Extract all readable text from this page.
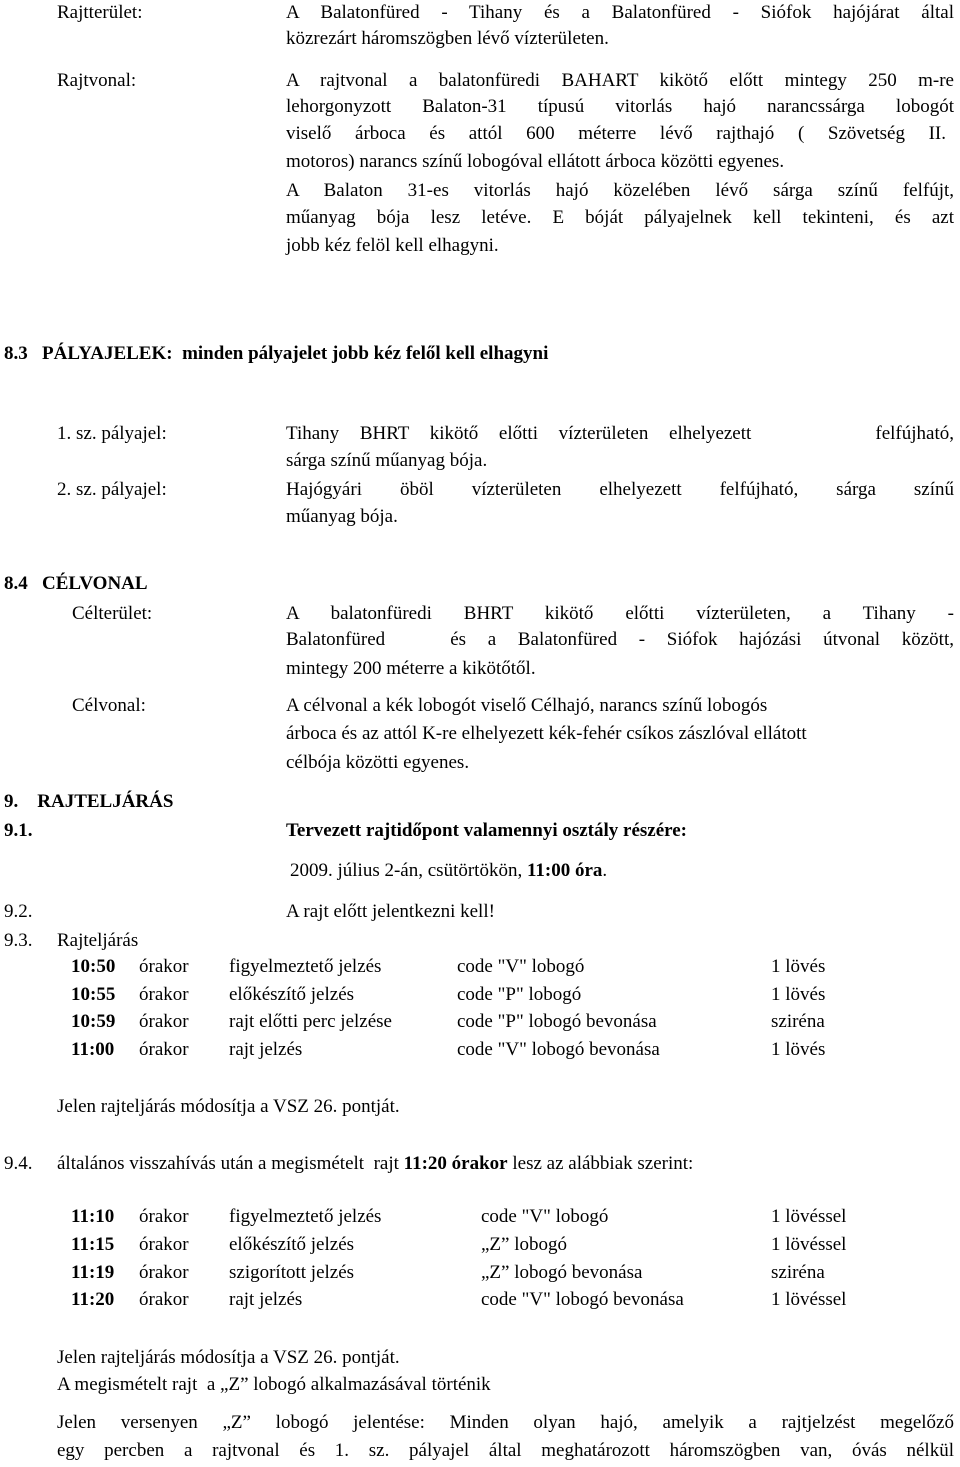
Rajtterület:	A Balatonfüred - Tihany és a Balatonfüred - Siófok hajójárat által
közrezárt háromszögben lévő vízterületen.
Rajtvonal:	A rajtvonal a balatonfüredi BAHART kikötő előtt mintegy 250 m-re
lehorgonyzott Balaton-31 típusú vitorlás hajó narancssárga lobogót
viselő árboca és attól 600 méterre lévő rajthajó ( Szövetség II.
motoros) narancs színű lobogóval ellátott árboca közötti egyenes.
A Balaton 31-es vitorlás hajó közelében lévő sárga színű felfújt,
műanyag bója lesz letéve. E bóját pályajelnek kell tekinteni, és azt
jobb kéz felöl kell elhagyni.
8.3   PÁLYAJELEK:  minden pályajelet jobb kéz felől kell elhagyni
1. sz. pályajel:	Tihany BHRT kikötő előtti vízterületen elhelyezett      felfújható,
sárga színű műanyag bója.
2. sz. pályajel:	Hajógyári öböl vízterületen elhelyezett felfújható, sárga színű
műanyag bója.
8.4   CÉLVONAL
Célterület:	A balatonfüredi BHRT kikötő előtti vízterületen, a Tihany -
Balatonfüred   és a Balatonfüred - Siófok hajózási útvonal között,
mintegy 200 méterre a kikötőtől.
Célvonal:	A célvonal a kék lobogót viselő Célhajó, narancs színű lobogós
árboca és az attól K-re elhelyezett kék-fehér csíkos zászlóval ellátott
célbója közötti egyenes.
9.    RAJTELJÁRÁS
9.1.	Tervezett rajtidőpont valamennyi osztály részére:
2009. július 2-án, csütörtökön, 11:00 óra.
9.2.	A rajt előtt jelentkezni kell!
9.3. Rajteljárás
10:50 órakor figyelmeztető jelzés	code "V" lobogó	1 lövés
10:55 órakor előkészítő jelzés	code "P" lobogó	1 lövés
10:59 órakor rajt előtti perc jelzése	code "P" lobogó bevonása	sziréna
11:00 órakor rajt jelzés	code "V" lobogó bevonása	1 lövés
Jelen rajteljárás módosítja a VSZ 26. pontját.
9.4. általános visszahívás után a megismételt  rajt 11:20 órakor lesz az alábbiak szerint:
11:10 órakor figyelmeztető jelzés	code "V" lobogó	1 lövéssel
11:15 órakor előkészítő jelzés	„Z” lobogó	1 lövéssel
11:19 órakor szigorított jelzés	„Z” lobogó bevonása	sziréna
11:20 órakor rajt jelzés	code "V" lobogó bevonása	1 lövéssel
Jelen rajteljárás módosítja a VSZ 26. pontját.
A megismételt rajt  a „Z” lobogó alkalmazásával történik
Jelen versenyen „Z” lobogó jelentése: Minden olyan hajó, amelyik a rajtjelzést megelőző
egy percben a rajtvonal és 1. sz. pályajel által meghatározott háromszögben van, óvás nélkül
